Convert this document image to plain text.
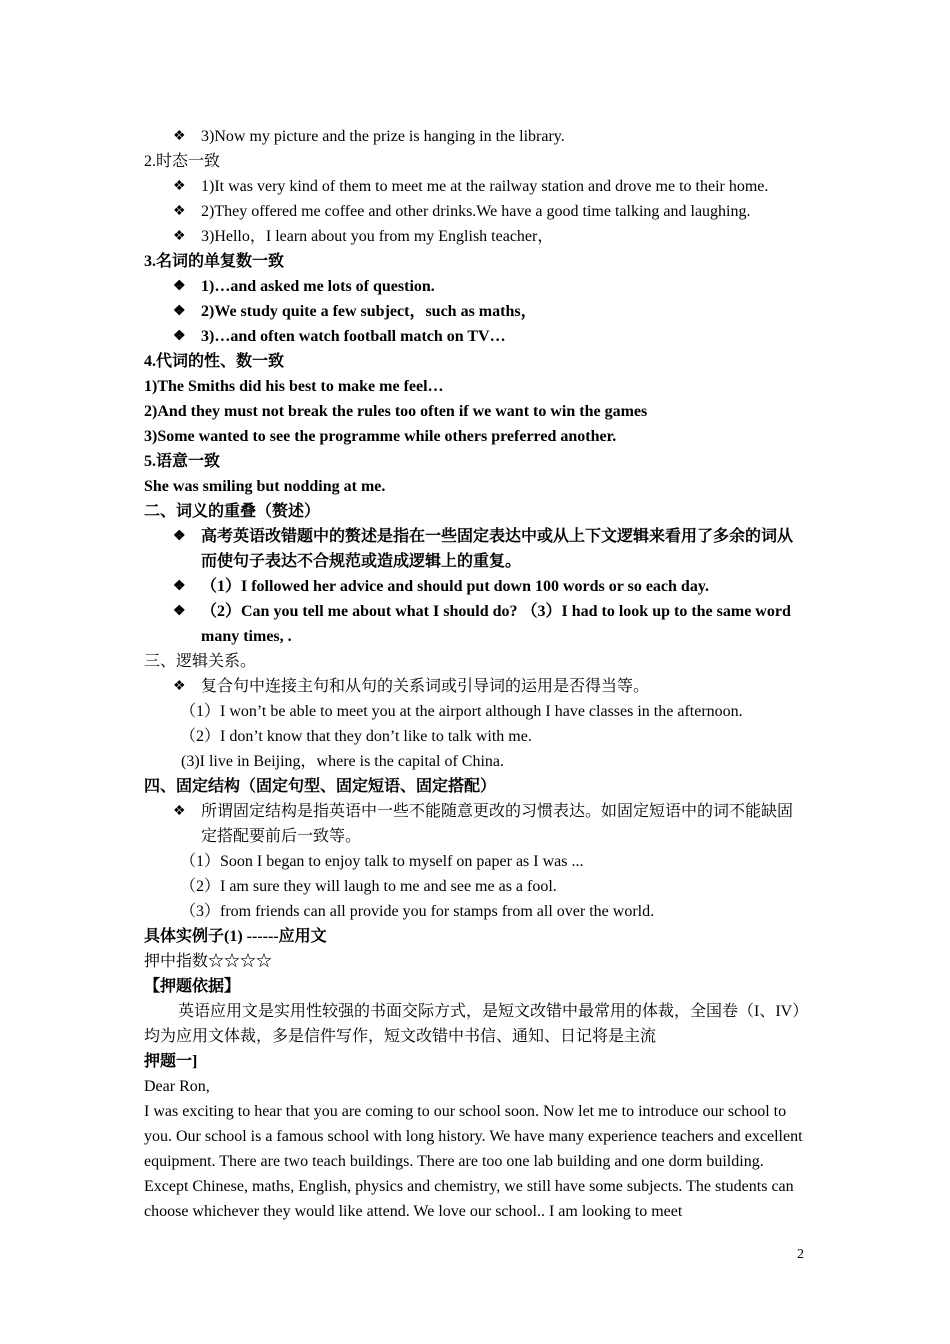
❖ 3)Now my picture and the prize is hanging in the library.
2.时态一致
❖ 1)It was very kind of them to meet me at the railway station and drove me to their home.
❖ 2)They offered me coffee and other drinks.We have a good time talking and laughing.
❖ 3)Hello，I learn about you from my English teacher，
3.名词的单复数一致
❖ 1)…and asked me lots of question.
❖ 2)We study quite a few subject，such as maths，
❖ 3)…and often watch football match on TV…
4.代词的性、数一致
1)The Smiths did his best to make me feel…
2)And they must not break the rules too often if we want to win the games
3)Some wanted to see the programme while others preferred another.
5.语意一致
She was smiling but nodding at me.
二、词义的重叠（赘述）
❖ 高考英语改错题中的赘述是指在一些固定表达中或从上下文逻辑来看用了多余的词从而使句子表达不合规范或造成逻辑上的重复。
❖ （1）I followed her advice and should put down 100 words or so each day.
❖ （2）Can you tell me about what I should do? （3）I had to look up to the same word many times, .
三、逻辑关系。
❖ 复合句中连接主句和从句的关系词或引导词的运用是否得当等。
（1）I won’t be able to meet you at the airport although I have classes in the afternoon.
（2）I don’t know that they don’t like to talk with me.
(3)I live in Beijing，where is the capital of China.
四、固定结构（固定句型、固定短语、固定搭配）
❖ 所谓固定结构是指英语中一些不能随意更改的习惯表达。如固定短语中的词不能缺固定搭配要前后一致等。
（1）Soon I began to enjoy talk to myself on paper as I was ...
（2）I am sure they will laugh to me and see me as a fool.
（3）from friends can all provide you for stamps from all over the world.
具体实例子(1) ------应用文
押中指数☆☆☆☆
【押题依据】
英语应用文是实用性较强的书面交际方式，是短文改错中最常用的体裁，全国卷（I、IV）均为应用文体裁，多是信件写作，短文改错中书信、通知、日记将是主流
押题一]
Dear Ron,
I was exciting to hear that you are coming to our school soon. Now let me to introduce our school to you. Our school is a famous school with long history. We have many experience teachers and excellent equipment. There are two teach buildings. There are too one lab building and one dorm building. Except Chinese, maths, English, physics and chemistry, we still have some subjects. The students can choose whichever they would like attend. We love our school.. I am looking to meet
2
